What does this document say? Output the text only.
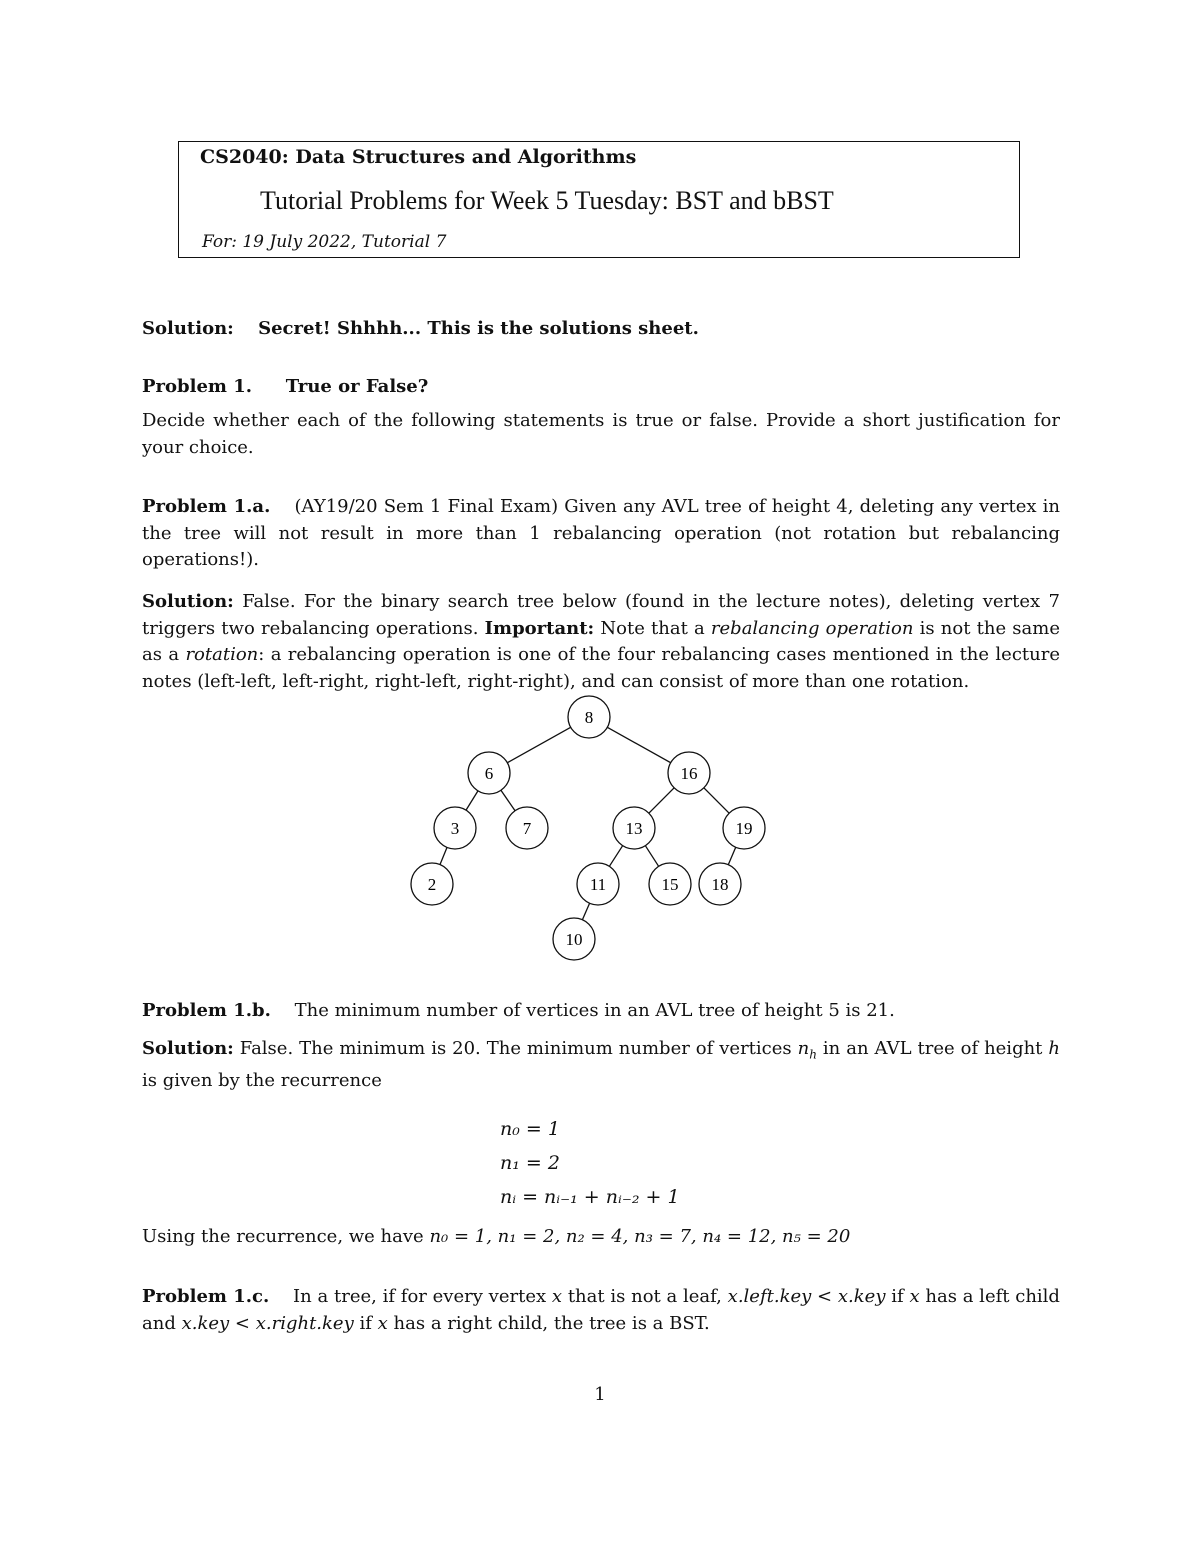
CS2040: Data Structures and Algorithms
Tutorial Problems for Week 5 Tuesday: BST and bBST
For: 19 July 2022, Tutorial 7
Solution: Secret! Shhhh... This is the solutions sheet.
Problem 1. True or False?
Decide whether each of the following statements is true or false. Provide a short justification for your choice.
Problem 1.a. (AY19/20 Sem 1 Final Exam) Given any AVL tree of height 4, deleting any vertex in the tree will not result in more than 1 rebalancing operation (not rotation but rebalancing operations!).
Solution: False. For the binary search tree below (found in the lecture notes), deleting vertex 7 triggers two rebalancing operations. Important: Note that a rebalancing operation is not the same as a rotation: a rebalancing operation is one of the four rebalancing cases mentioned in the lecture notes (left-left, left-right, right-left, right-right), and can consist of more than one rotation.
8
6	16
3	7	13	19
2	11	15 18
10
Problem 1.b. The minimum number of vertices in an AVL tree of height 5 is 21.
Solution: False. The minimum is 20. The minimum number of vertices $n_h$ in an AVL tree of height h is given by the recurrence
n₀ = 1
n₁ = 2
nᵢ = nᵢ₋₁ + nᵢ₋₂ + 1
Using the recurrence, we have n₀ = 1, n₁ = 2, n₂ = 4, n₃ = 7, n₄ = 12, n₅ = 20
Problem 1.c. In a tree, if for every vertex x that is not a leaf, x.left.key < x.key if x has a left child and x.key < x.right.key if x has a right child, the tree is a BST.
1
